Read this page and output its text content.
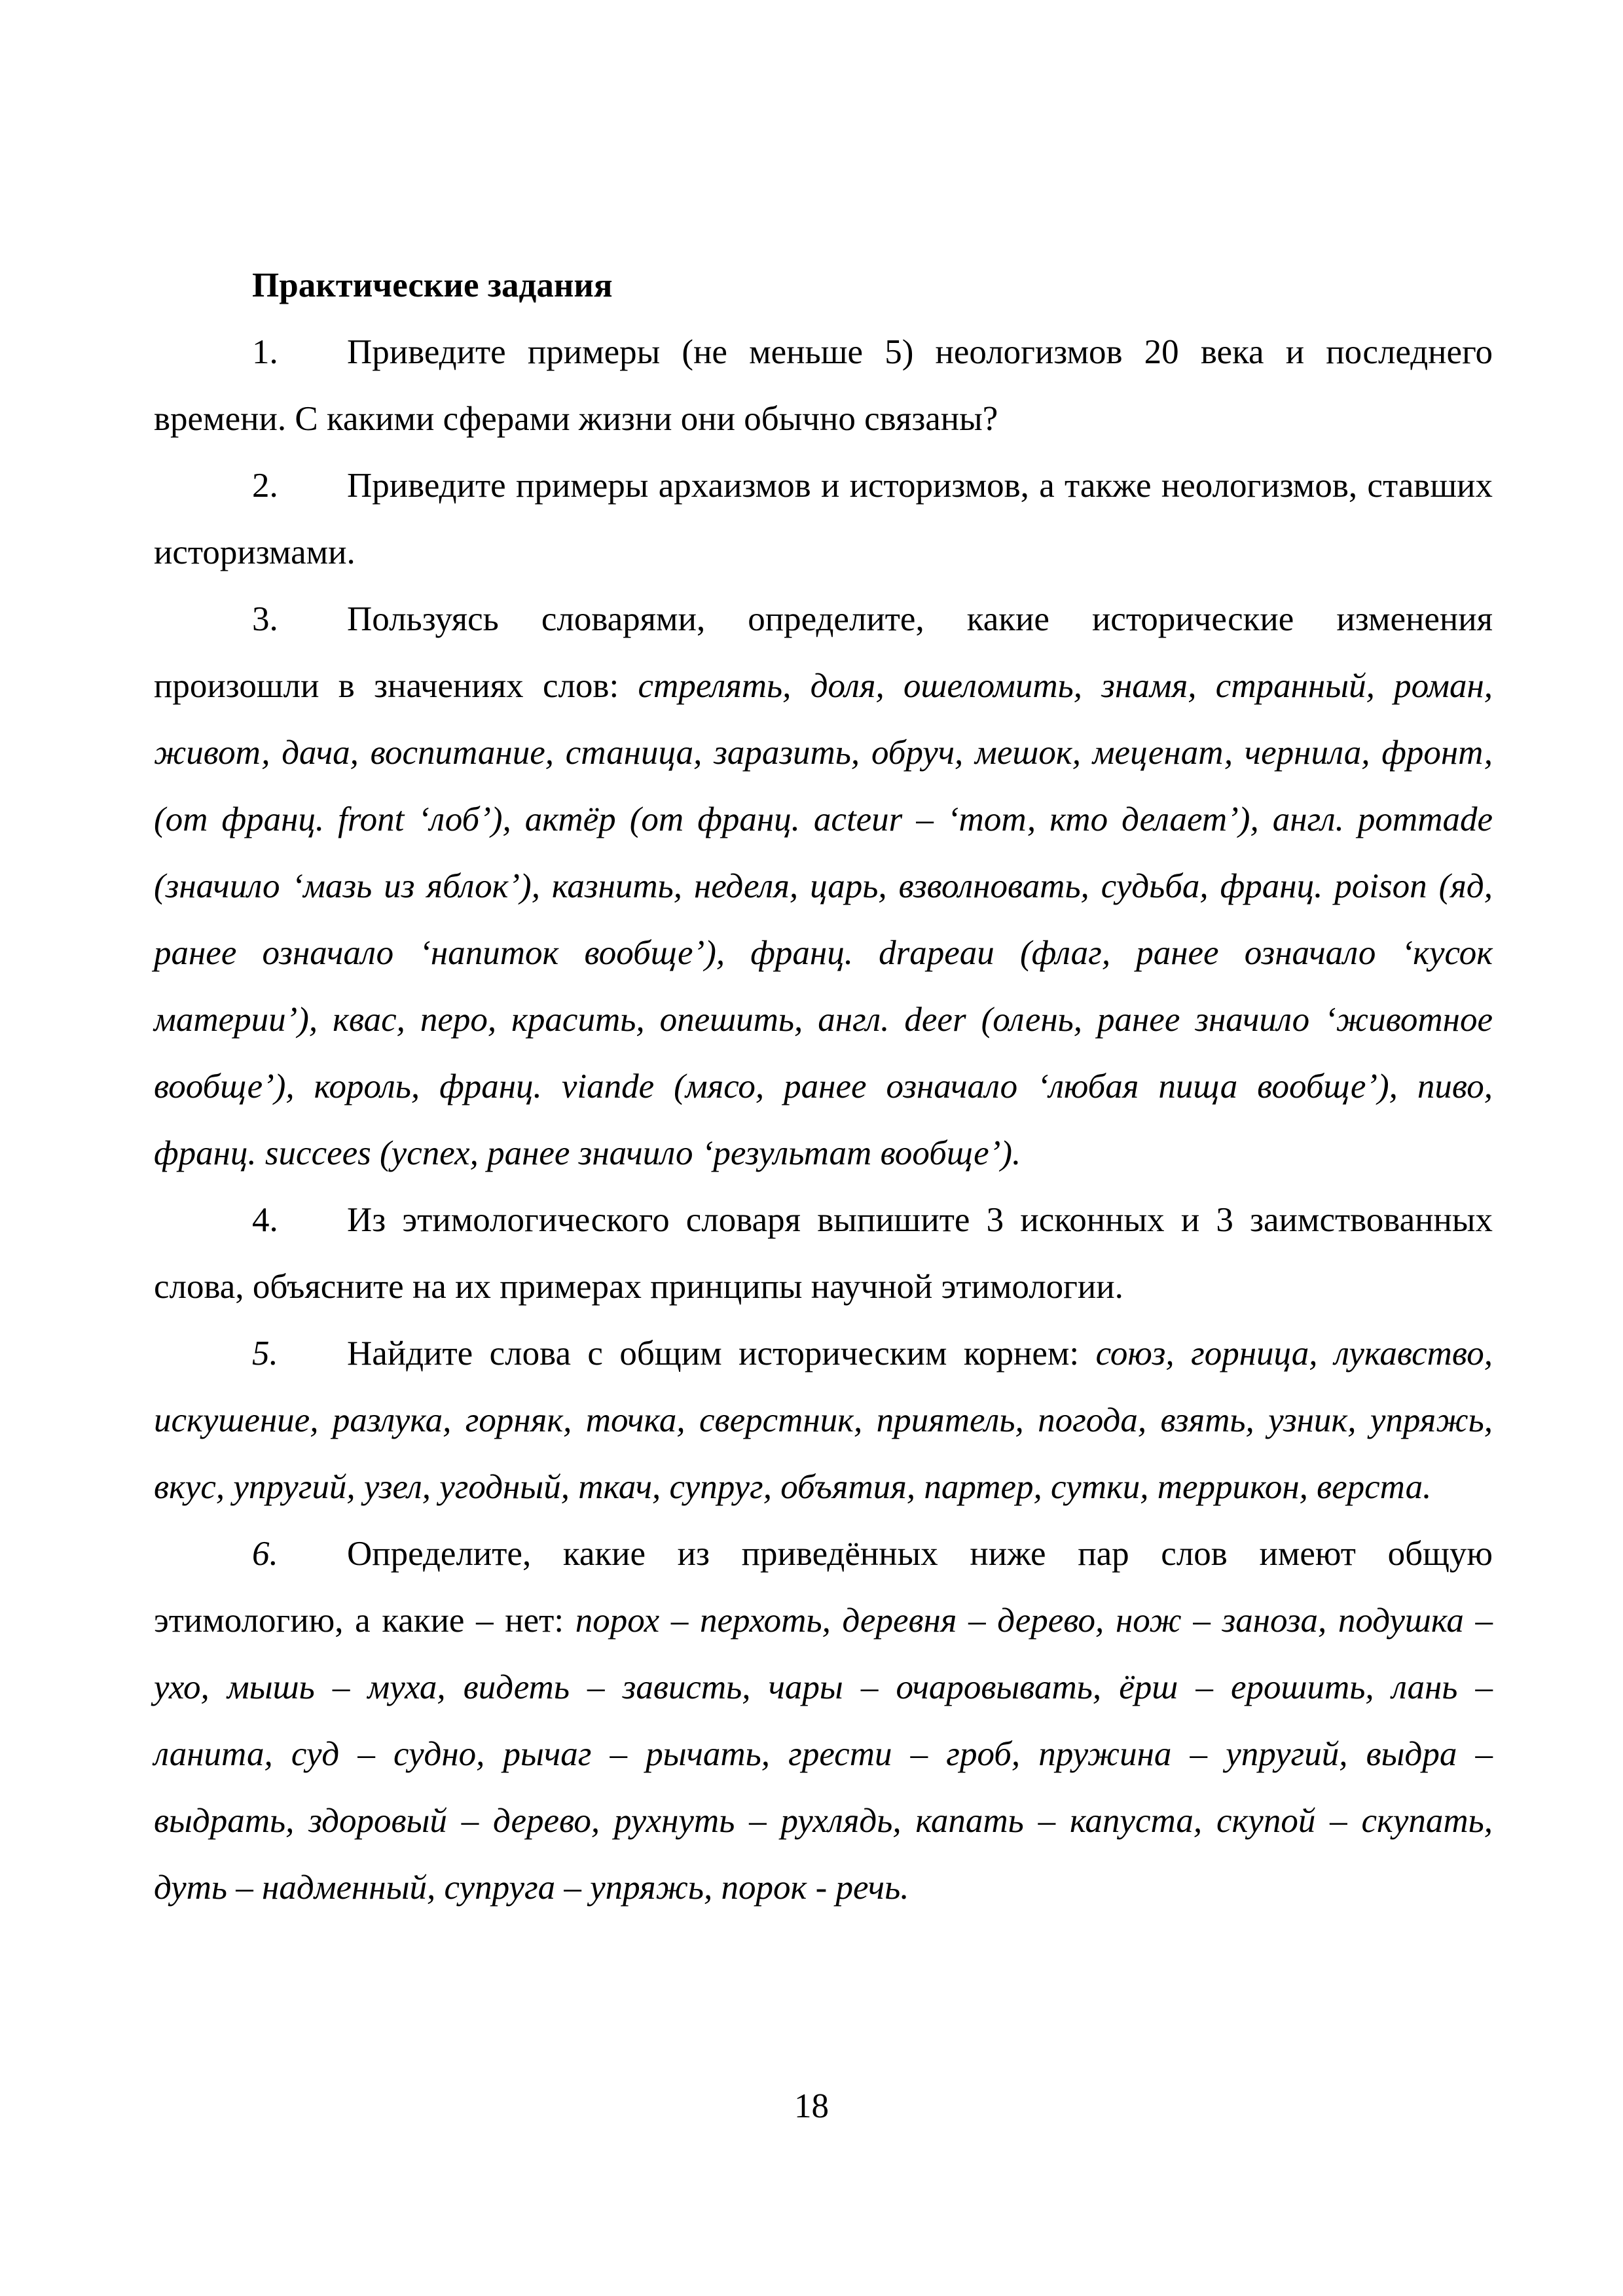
Практические задания
1. Приведите примеры (не меньше 5) неологизмов 20 века и последнего времени. С какими сферами жизни они обычно связаны?
2. Приведите примеры архаизмов и историзмов, а также неологизмов, ставших историзмами.
3. Пользуясь словарями, определите, какие исторические изменения произошли в значениях слов: стрелять, доля, ошеломить, знамя, странный, роман, живот, дача, воспитание, станица, заразить, обруч, мешок, меценат, чернила, фронт, (от франц. front ‘лоб’), актёр (от франц. acteur – ‘тот, кто делает’), англ. pommade (значило ‘мазь из яблок’), казнить, неделя, царь, взволновать, судьба, франц. poison (яд, ранее означало ‘напиток вообще’), франц. drapeau (флаг, ранее означало ‘кусок материи’), квас, перо, красить, опешить, англ. deer (олень, ранее значило ‘животное вообще’), король, франц. viande (мясо, ранее означало ‘любая пища вообще’), пиво, франц. succees (успех, ранее значило ‘результат вообще’).
4. Из этимологического словаря выпишите 3 исконных и 3 заимствованных слова, объясните на их примерах принципы научной этимологии.
5. Найдите слова с общим историческим корнем: союз, горница, лукавство, искушение, разлука, горняк, точка, сверстник, приятель, погода, взять, узник, упряжь, вкус, упругий, узел, угодный, ткач, супруг, объятия, партер, сутки, террикон, верста.
6. Определите, какие из приведённых ниже пар слов имеют общую этимологию, а какие – нет: порох – перхоть, деревня – дерево, нож – заноза, подушка – ухо, мышь – муха, видеть – зависть, чары – очаровывать, ёрш – ерошить, лань – ланита, суд – судно, рычаг – рычать, грести – гроб, пружина – упругий, выдра – выдрать, здоровый – дерево, рухнуть – рухлядь, капать – капуста, скупой – скупать, дуть – надменный, супруга – упряжь, порок - речь.
18
